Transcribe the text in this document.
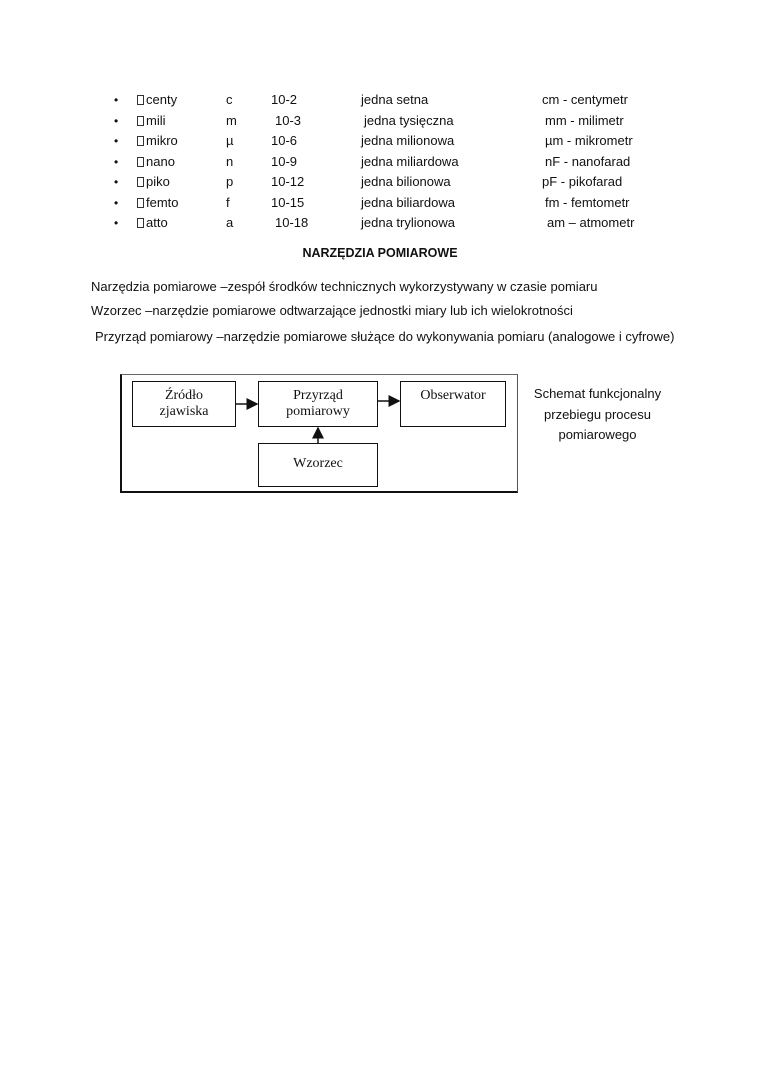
• centy	c	10-2	jedna setna	cm - centymetr
• mili	m	10-3	jedna tysięczna	mm - milimetr
• mikro	µ	10-6	jedna milionowa	µm - mikrometr
• nano	n	10-9	jedna miliardowa	nF - nanofarad
• piko	p	10-12	jedna bilionowa	pF - pikofarad
• femto	f	10-15	jedna biliardowa	fm - femtometr
• atto	a	10-18	jedna trylionowa	am – atmometr
NARZĘDZIA POMIAROWE
Narzędzia pomiarowe –zespół środków technicznych wykorzystywany w czasie pomiaru
Wzorzec –narzędzie pomiarowe odtwarzające jednostki miary lub ich wielokrotności
Przyrząd pomiarowy –narzędzie pomiarowe służące do wykonywania pomiaru (analogowe i cyfrowe)
Źródło
zjawiska
Przyrząd
pomiarowy
Obserwator
Wzorzec
Schemat funkcjonalny
przebiegu procesu
pomiarowego
